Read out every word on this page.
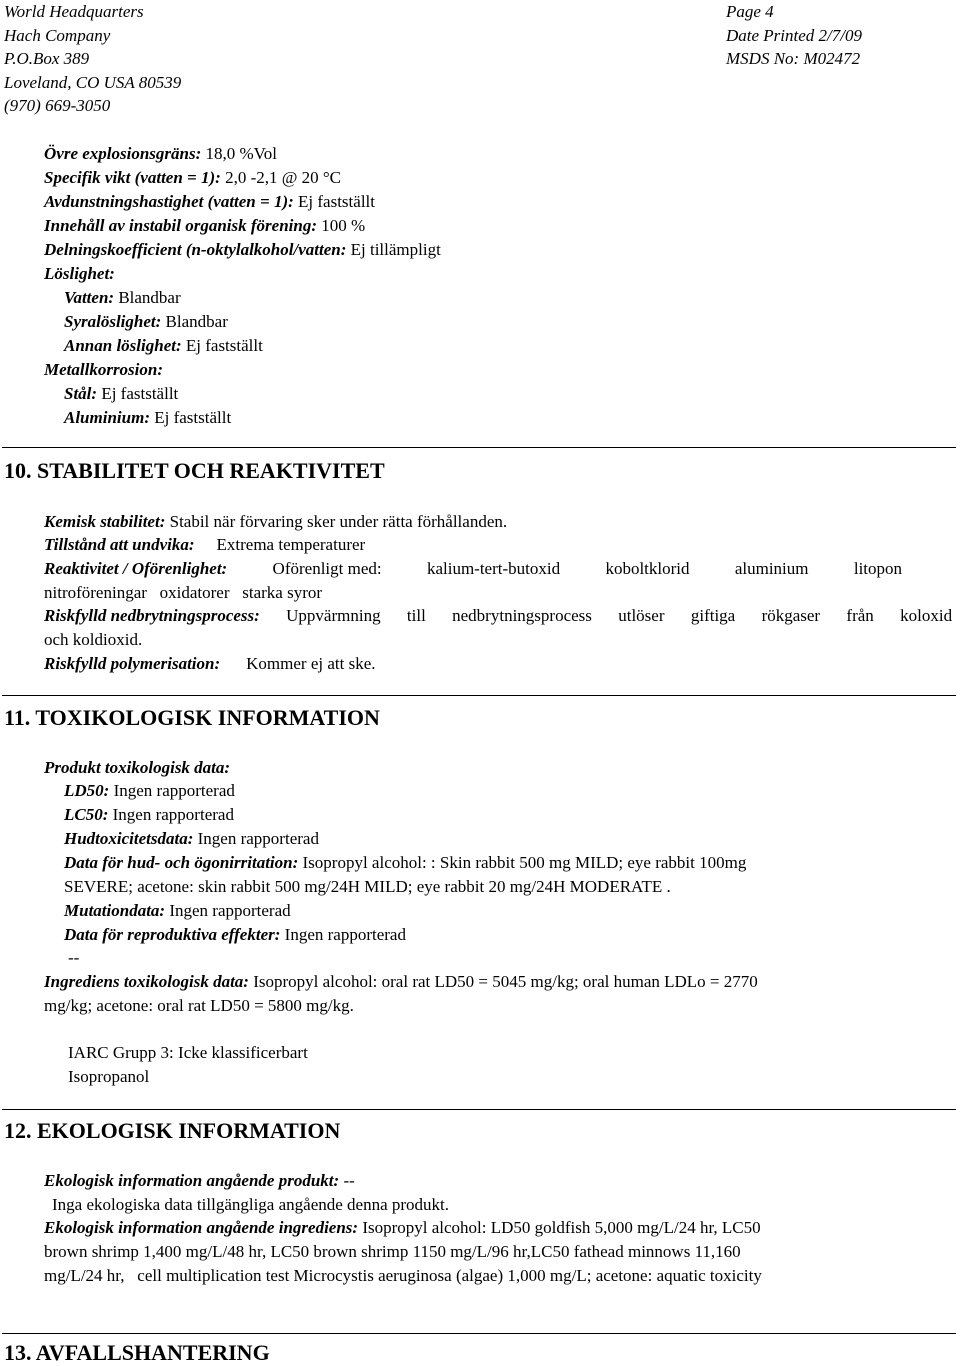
World Headquarters
Hach Company
P.O.Box 389
Loveland, CO USA 80539
(970) 669-3050
Page 4
Date Printed 2/7/09
MSDS No: M02472
Övre explosionsgräns: 18,0 %Vol
Specifik vikt (vatten = 1): 2,0 -2,1 @ 20 °C
Avdunstningshastighet (vatten = 1): Ej fastställt
Innehåll av instabil organisk förening: 100 %
Delningskoefficient (n-oktylalkohol/vatten: Ej tillämpligt
Löslighet:
Vatten: Blandbar
Syralöslighet: Blandbar
Annan löslighet: Ej fastställt
Metallkorrosion:
Stål: Ej fastställt
Aluminium: Ej fastställt
10. STABILITET OCH REAKTIVITET
Kemisk stabilitet: Stabil när förvaring sker under rätta förhållanden.
Tillstånd att undvika: Extrema temperaturer
Reaktivitet / Oförenlighet:	Oförenligt med:	kalium-tert-butoxid	koboltklorid	aluminium	litopon
nitroföreningar   oxidatorer   starka syror
Riskfylld nedbrytningsprocess: Uppvärmning till nedbrytningsprocess utlöser giftiga rökgaser från koloxid
och koldioxid.
Riskfylld polymerisation: Kommer ej att ske.
11. TOXIKOLOGISK INFORMATION
Produkt toxikologisk data:
LD50: Ingen rapporterad
LC50: Ingen rapporterad
Hudtoxicitetsdata: Ingen rapporterad
Data för hud- och ögonirritation: Isopropyl alcohol: : Skin rabbit 500 mg MILD; eye rabbit 100mg
SEVERE; acetone: skin rabbit 500 mg/24H MILD; eye rabbit 20 mg/24H MODERATE .
Mutationdata: Ingen rapporterad
Data för reproduktiva effekter: Ingen rapporterad
--
Ingrediens toxikologisk data: Isopropyl alcohol: oral rat LD50 = 5045 mg/kg; oral human LDLo = 2770
mg/kg; acetone: oral rat LD50 = 5800 mg/kg.
IARC Grupp 3: Icke klassificerbart
Isopropanol
12. EKOLOGISK INFORMATION
Ekologisk information angående produkt: --
Inga ekologiska data tillgängliga angående denna produkt.
Ekologisk information angående ingrediens: Isopropyl alcohol: LD50 goldfish 5,000 mg/L/24 hr, LC50
brown shrimp 1,400 mg/L/48 hr, LC50 brown shrimp 1150 mg/L/96 hr,LC50 fathead minnows 11,160
mg/L/24 hr,   cell multiplication test Microcystis aeruginosa (algae) 1,000 mg/L; acetone: aquatic toxicity
13. AVFALLSHANTERING
